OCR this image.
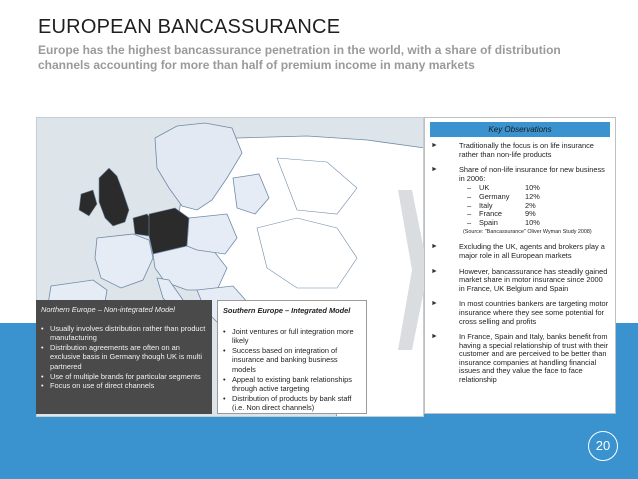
EUROPEAN BANCASSURANCE
Europe has the highest bancassurance penetration in the world, with a share of distribution channels accounting for more than half of premium income in many markets
Northern Europe – Non-integrated Model
• Usually involves distribution rather than product manufacturing
• Distribution agreements are often on an exclusive basis in Germany though UK is multi partnered
• Use of multiple brands for particular segments
• Focus on use of direct channels
Southern Europe – Integrated Model
• Joint ventures or full integration more likely
• Success based on integration of insurance and banking business models
• Appeal to existing bank relationships through active targeting
• Distribution of products by bank staff (i.e. Non direct channels)
Key Observations
► Traditionally the focus is on life insurance rather than non-life products
► Share of non-life insurance for new business in 2006:
–	UK	10%
–	Germany	12%
–	Italy	2%
–	France	9%
–	Spain	10%
(Source: "Bancassurance" Oliver Wyman Study 2008)
► Excluding the UK, agents and brokers play a major role in all European markets
► However, bancassurance has steadily gained market share in motor insurance since 2000 in France, UK Belgium and Spain
► In most countries bankers are targeting motor insurance where they see some potential for cross selling and profits
► In France, Spain and Italy, banks benefit from having a special relationship of trust with their customer and are perceived to be better than insurance companies at handling financial issues and they value the face to face relationship
20
